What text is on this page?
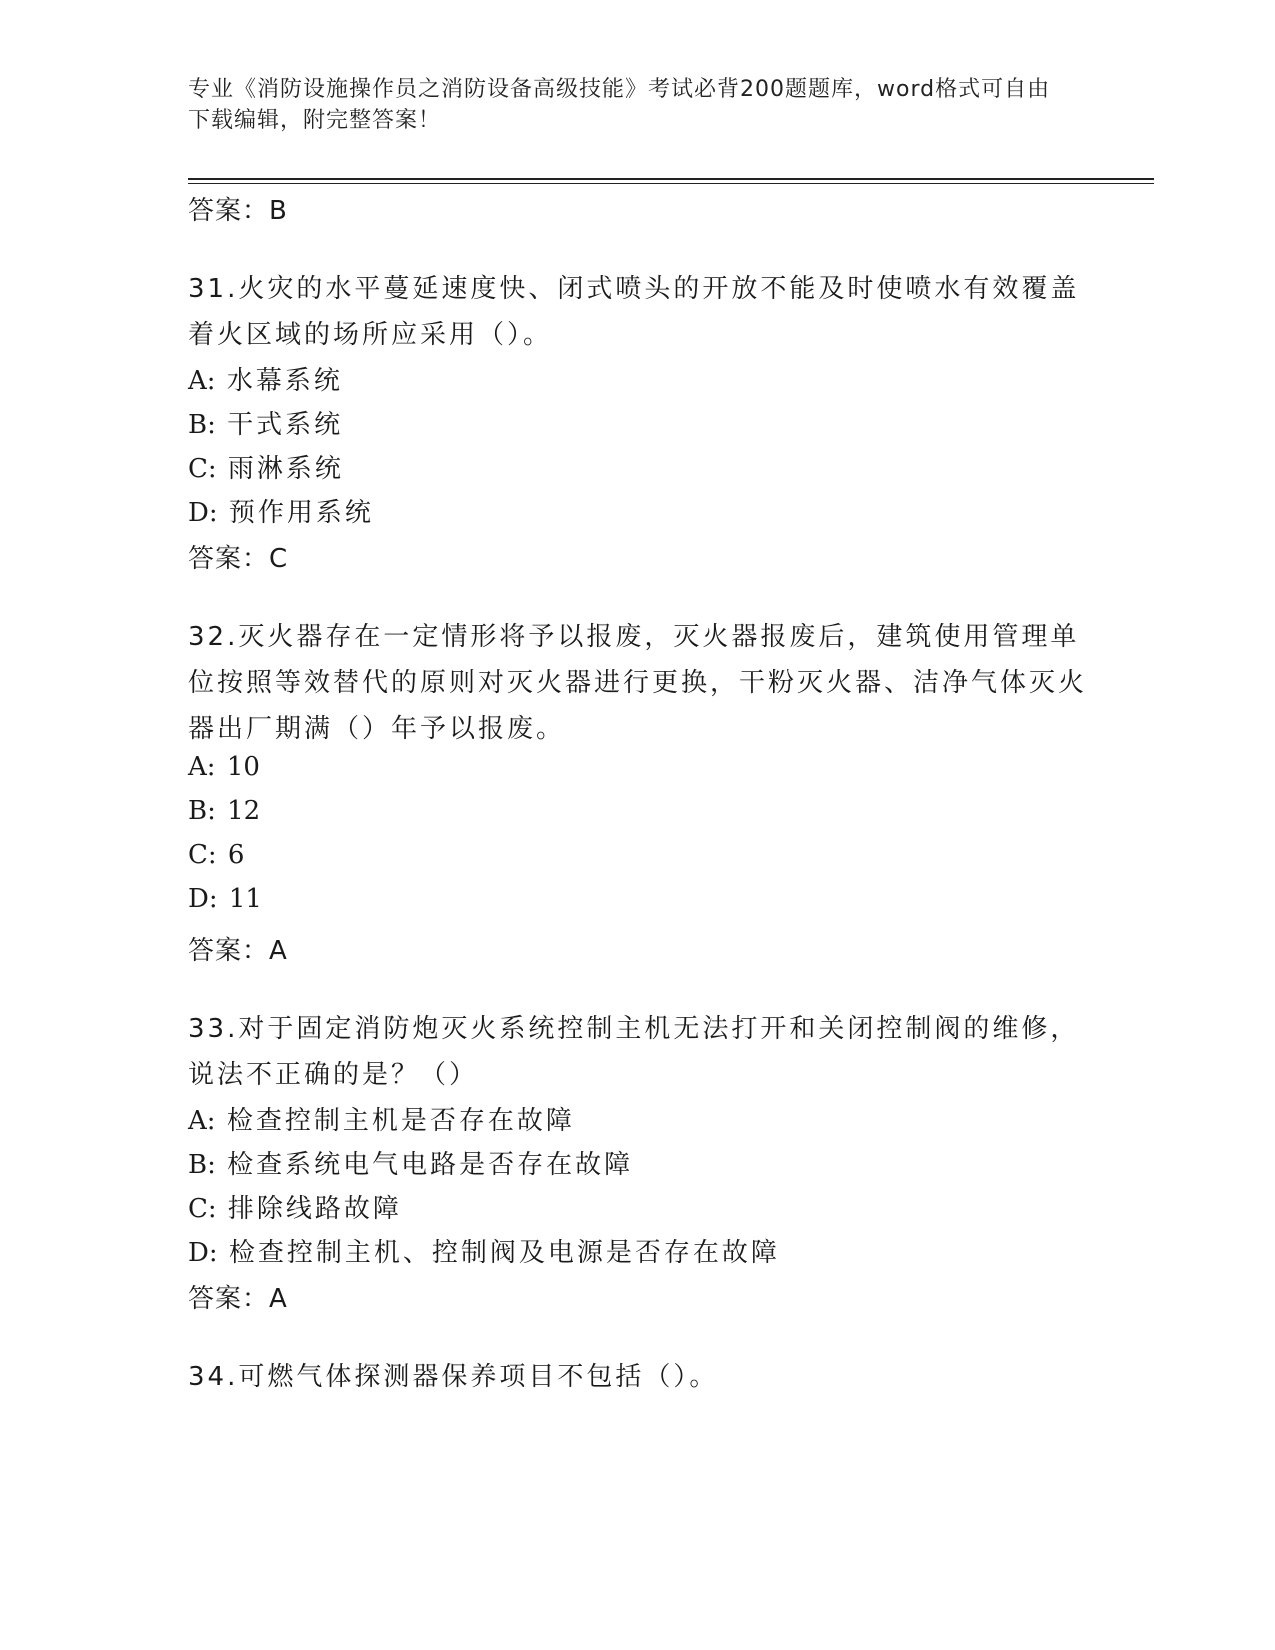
专业《消防设施操作员之消防设备高级技能》考试必背200题题库，word格式可自由下载编辑，附完整答案！
答案：B
31.火灾的水平蔓延速度快、闭式喷头的开放不能及时使喷水有效覆盖着火区域的场所应采用（）。
A: 水幕系统
B: 干式系统
C: 雨淋系统
D: 预作用系统
答案：C
32.灭火器存在一定情形将予以报废，灭火器报废后，建筑使用管理单位按照等效替代的原则对灭火器进行更换，干粉灭火器、洁净气体灭火器出厂期满（）年予以报废。
A: 10
B: 12
C: 6
D: 11
答案：A
33.对于固定消防炮灭火系统控制主机无法打开和关闭控制阀的维修，说法不正确的是？（）
A: 检查控制主机是否存在故障
B: 检查系统电气电路是否存在故障
C: 排除线路故障
D: 检查控制主机、控制阀及电源是否存在故障
答案：A
34.可燃气体探测器保养项目不包括（）。
